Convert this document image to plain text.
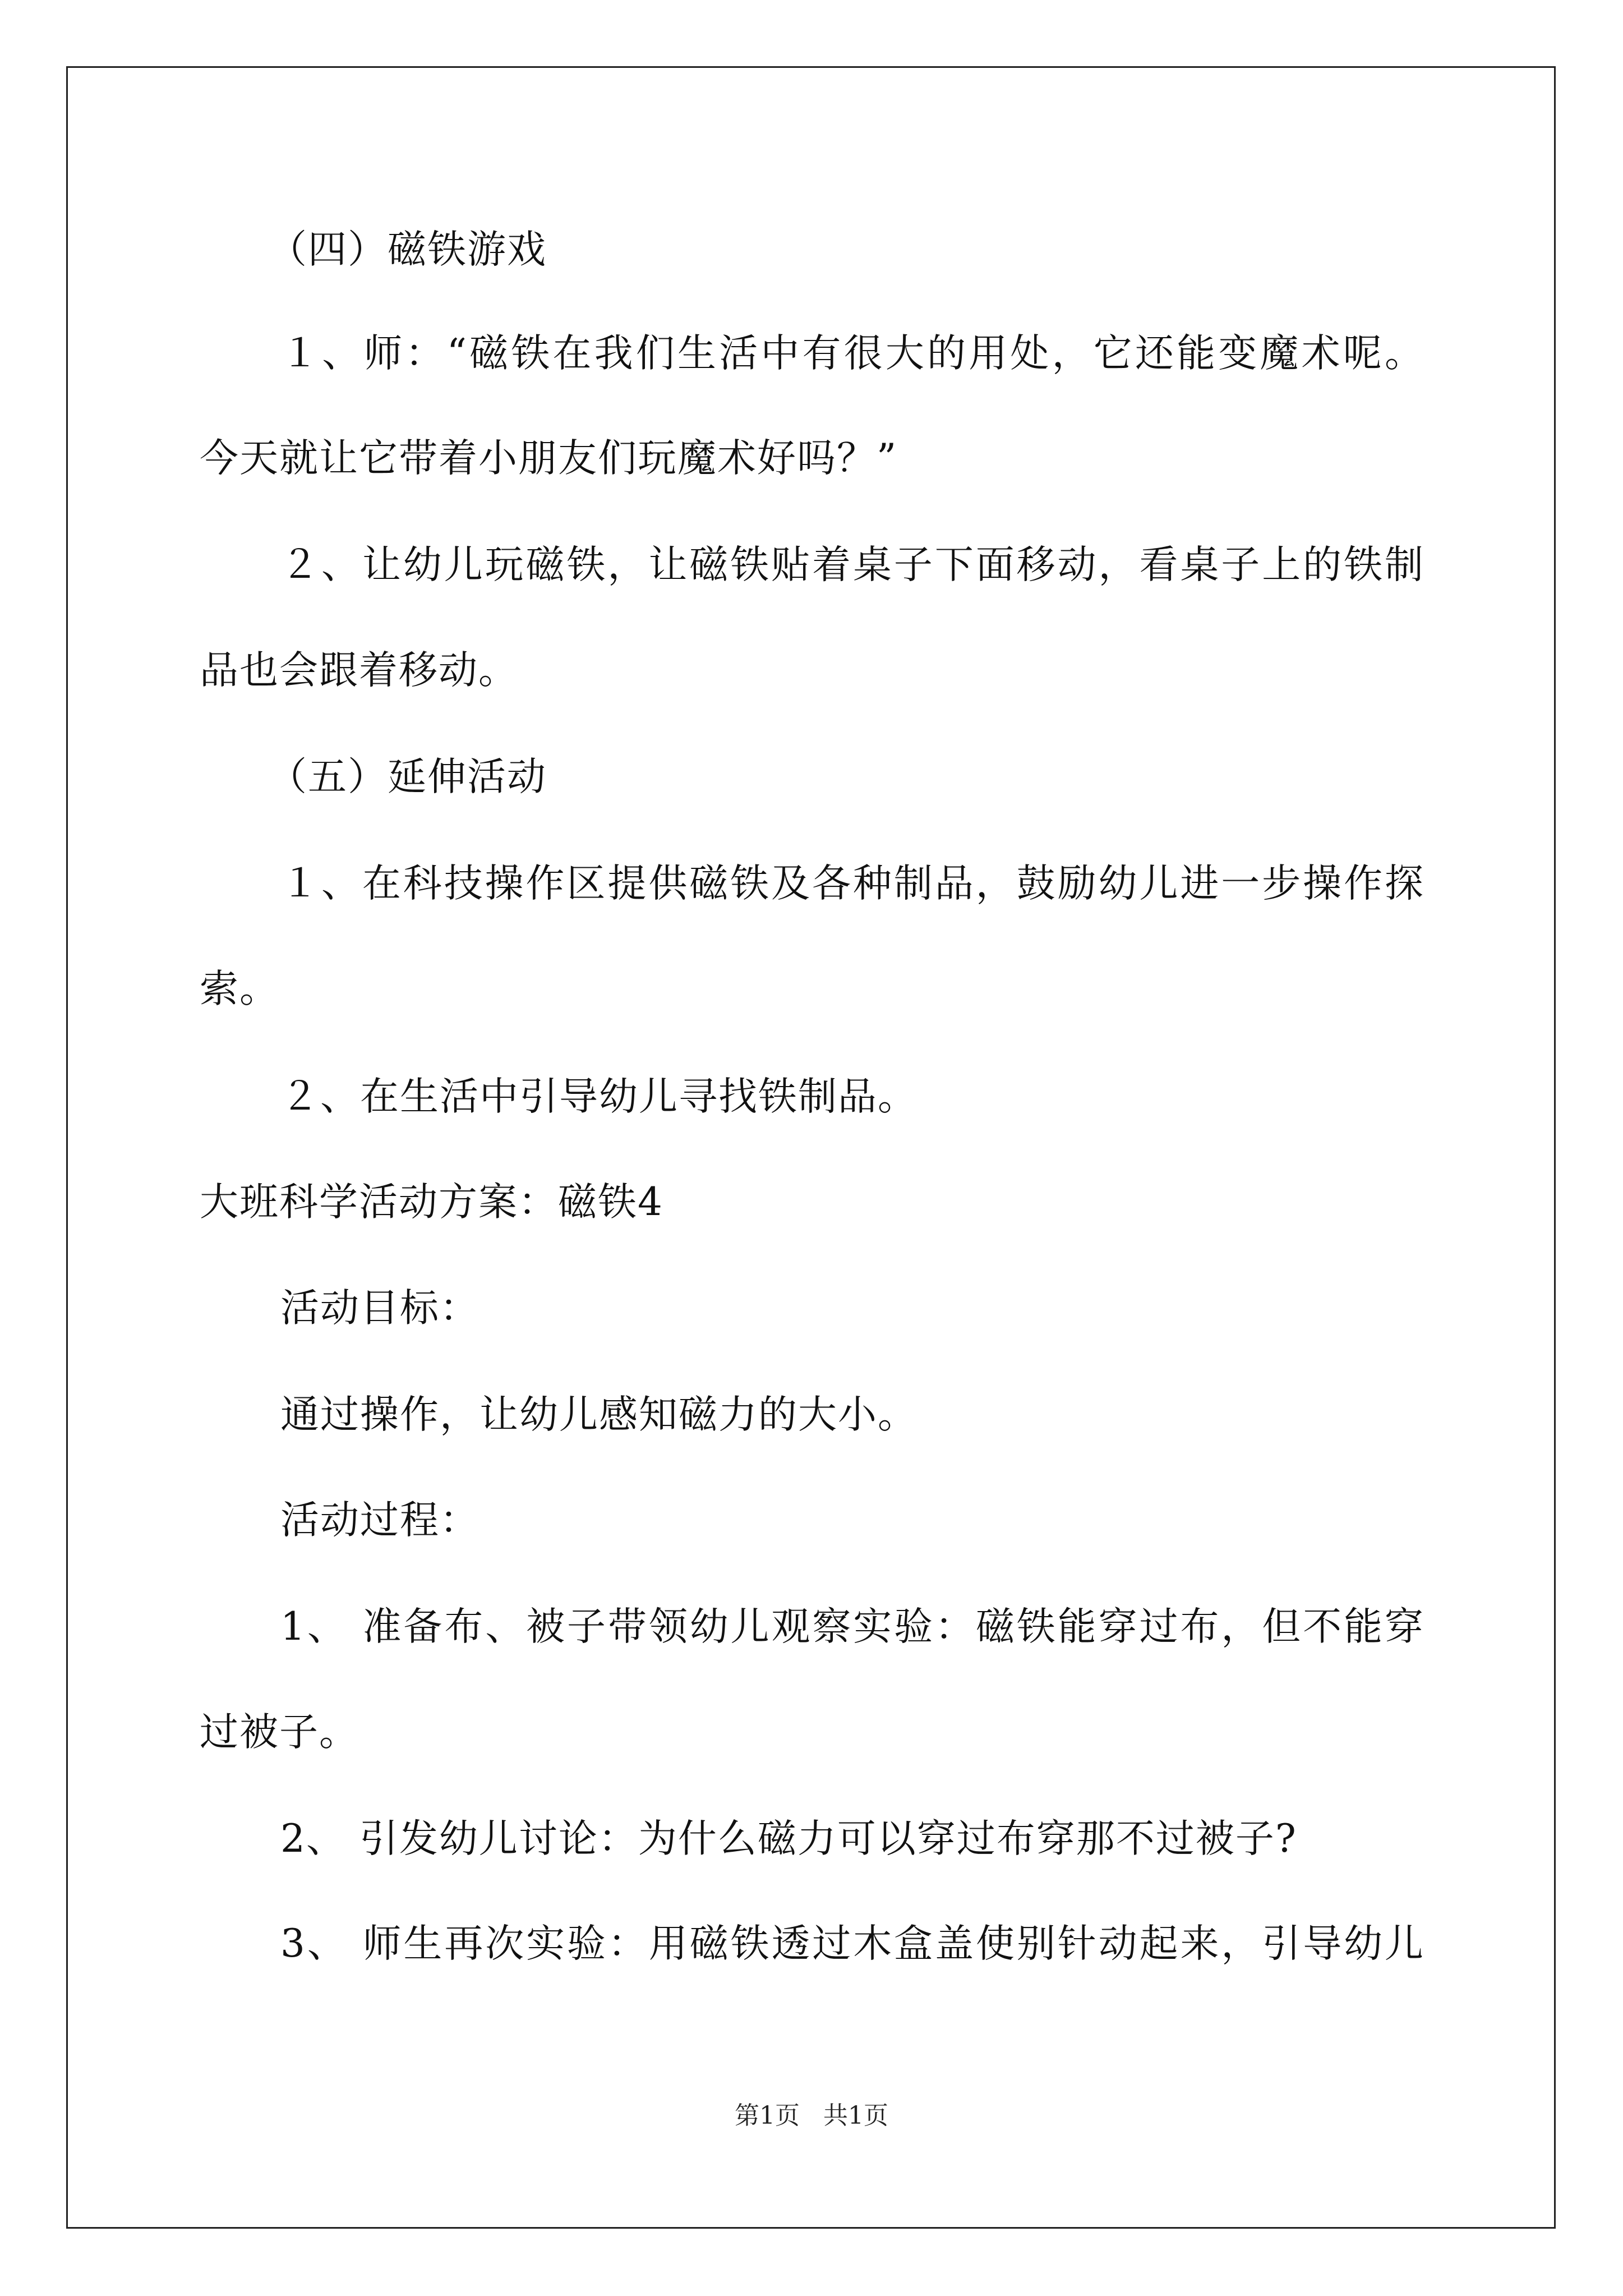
（四）磁铁游戏
１、师：“磁铁在我们生活中有很大的用处，它还能变魔术呢。
今天就让它带着小朋友们玩魔术好吗？”
２、让幼儿玩磁铁，让磁铁贴着桌子下面移动，看桌子上的铁制
品也会跟着移动。
（五）延伸活动
１、在科技操作区提供磁铁及各种制品，鼓励幼儿进一步操作探
索。
２、在生活中引导幼儿寻找铁制品。
大班科学活动方案：磁铁4
活动目标：
通过操作，让幼儿感知磁力的大小。
活动过程：
1、 准备布、被子带领幼儿观察实验：磁铁能穿过布，但不能穿
过被子。
2、 引发幼儿讨论：为什么磁力可以穿过布穿那不过被子?
3、 师生再次实验：用磁铁透过木盒盖使别针动起来，引导幼儿
第1页   共1页
